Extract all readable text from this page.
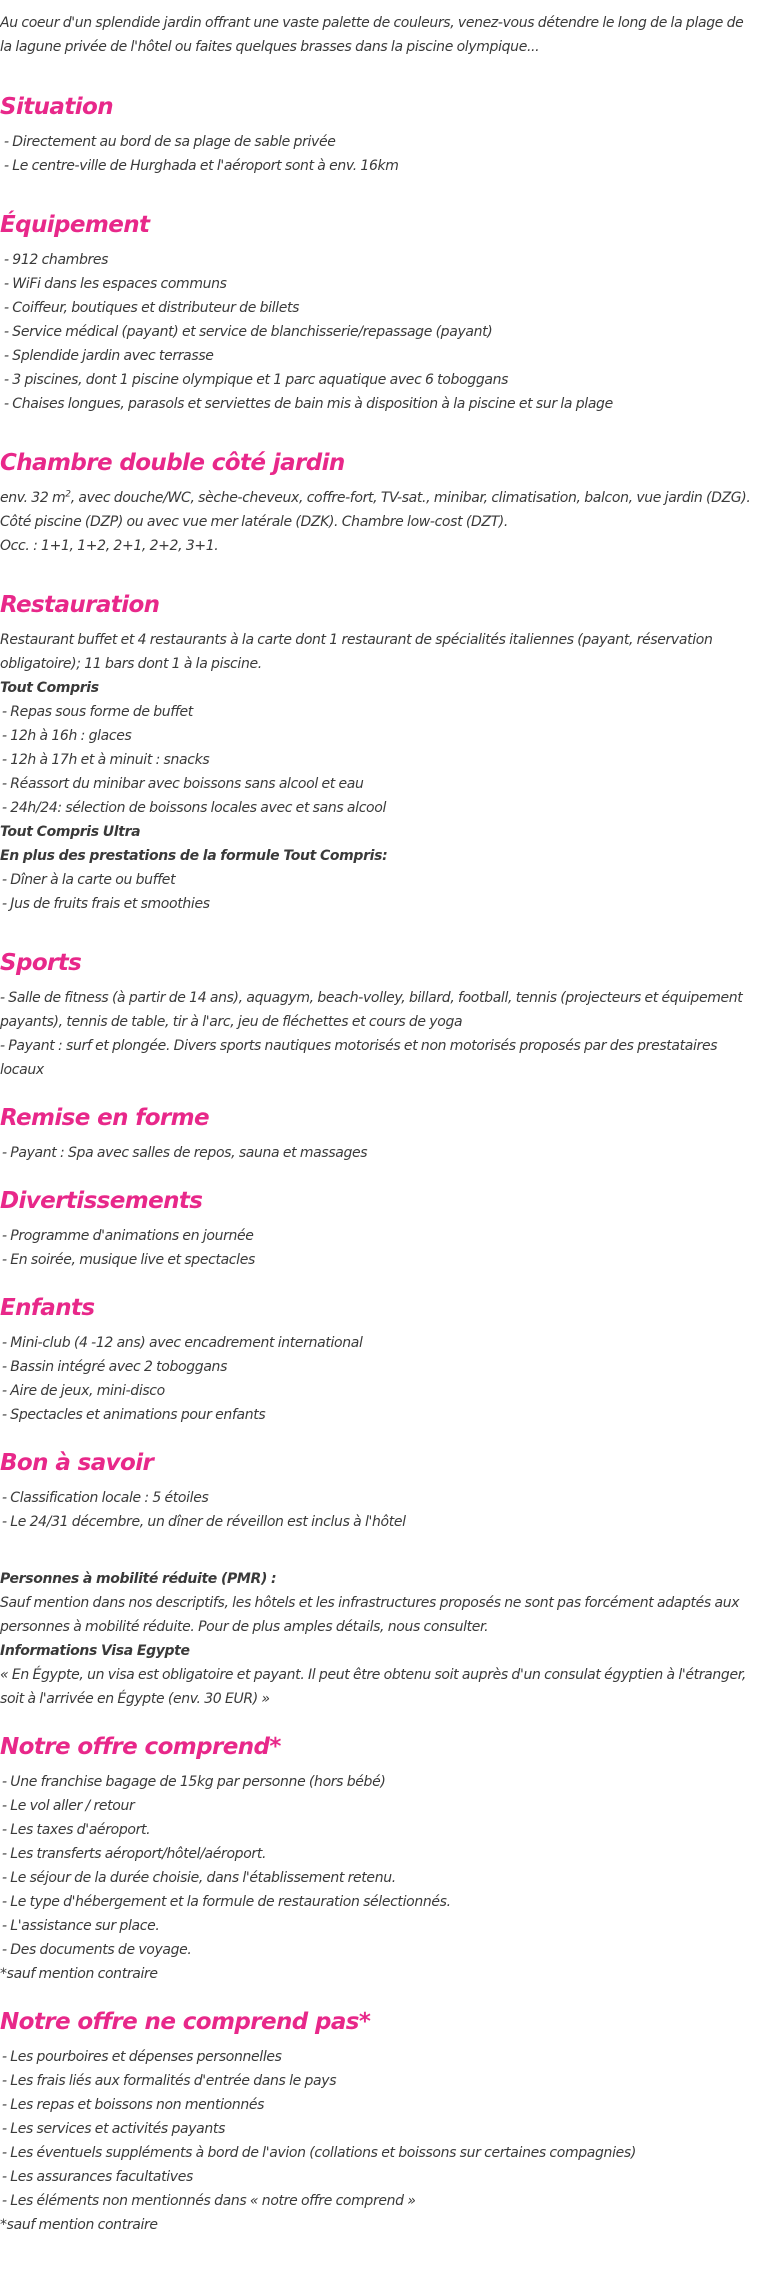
Au coeur d'un splendide jardin offrant une vaste palette de couleurs, venez-vous détendre le long de la plage de la lagune privée de l'hôtel ou faites quelques brasses dans la piscine olympique...

Situation
- Directement au bord de sa plage de sable privée
- Le centre-ville de Hurghada et l'aéroport sont à env. 16km
Équipement
- 912 chambres
- WiFi dans les espaces communs
- Coiffeur, boutiques et distributeur de billets
- Service médical (payant) et service de blanchisserie/repassage (payant)
- Splendide jardin avec terrasse
- 3 piscines, dont 1 piscine olympique et 1 parc aquatique avec 6 toboggans
- Chaises longues, parasols et serviettes de bain mis à disposition à la piscine et sur la plage
Chambre double côté jardin

env. 32 $m^2$, avec douche/WC, sèche-cheveux, coffre-fort, TV-sat., minibar, climatisation, balcon, vue jardin (DZG). Côté piscine (DZP) ou avec vue mer latérale (DZK). Chambre low-cost (DZT).

Occ. : 1+1, 1+2, 2+1, 2+2, 3+1.

Restauration

Restaurant buffet et 4 restaurants à la carte dont 1 restaurant de spécialités italiennes (payant, réservation obligatoire); 11 bars dont 1 à la piscine.

Tout Compris

- Repas sous forme de buffet
- 12h à 16h : glaces
- 12h à 17h et à minuit : snacks
- Réassort du minibar avec boissons sans alcool et eau
- 24h/24: sélection de boissons locales avec et sans alcool

Tout Compris Ultra

En plus des prestations de la formule Tout Compris:

- Dîner à la carte ou buffet
- Jus de fruits frais et smoothies
Sports

- Salle de fitness (à partir de 14 ans), aquagym, beach-volley, billard, football, tennis (projecteurs et équipement payants), tennis de table, tir à l'arc, jeu de fléchettes et cours de yoga

- Payant : surf et plongée. Divers sports nautiques motorisés et non motorisés proposés par des prestataires locaux

Remise en forme
- Payant : Spa avec salles de repos, sauna et massages
Divertissements
- Programme d'animations en journée
- En soirée, musique live et spectacles
Enfants
- Mini-club (4 -12 ans) avec encadrement international
- Bassin intégré avec 2 toboggans
- Aire de jeux, mini-disco
- Spectacles et animations pour enfants
Bon à savoir
- Classification locale : 5 étoiles
- Le 24/31 décembre, un dîner de réveillon est inclus à l'hôtel

Personnes à mobilité réduite (PMR) :

Sauf mention dans nos descriptifs, les hôtels et les infrastructures proposés ne sont pas forcément adaptés aux personnes à mobilité réduite. Pour de plus amples détails, nous consulter.

Informations Visa Egypte

« En Égypte, un visa est obligatoire et payant. Il peut être obtenu soit auprès d'un consulat égyptien à l'étranger, soit à l'arrivée en Égypte (env. 30 EUR) »

Notre offre comprend*
- Une franchise bagage de 15kg par personne (hors bébé)
- Le vol aller / retour
- Les taxes d'aéroport.
- Les transferts aéroport/hôtel/aéroport.
- Le séjour de la durée choisie, dans l'établissement retenu.
- Le type d'hébergement et la formule de restauration sélectionnés.
- L'assistance sur place.
- Des documents de voyage.

*sauf mention contraire

Notre offre ne comprend pas*
- Les pourboires et dépenses personnelles
- Les frais liés aux formalités d'entrée dans le pays
- Les repas et boissons non mentionnés
- Les services et activités payants
- Les éventuels suppléments à bord de l'avion (collations et boissons sur certaines compagnies)
- Les assurances facultatives
- Les éléments non mentionnés dans « notre offre comprend »

*sauf mention contraire
